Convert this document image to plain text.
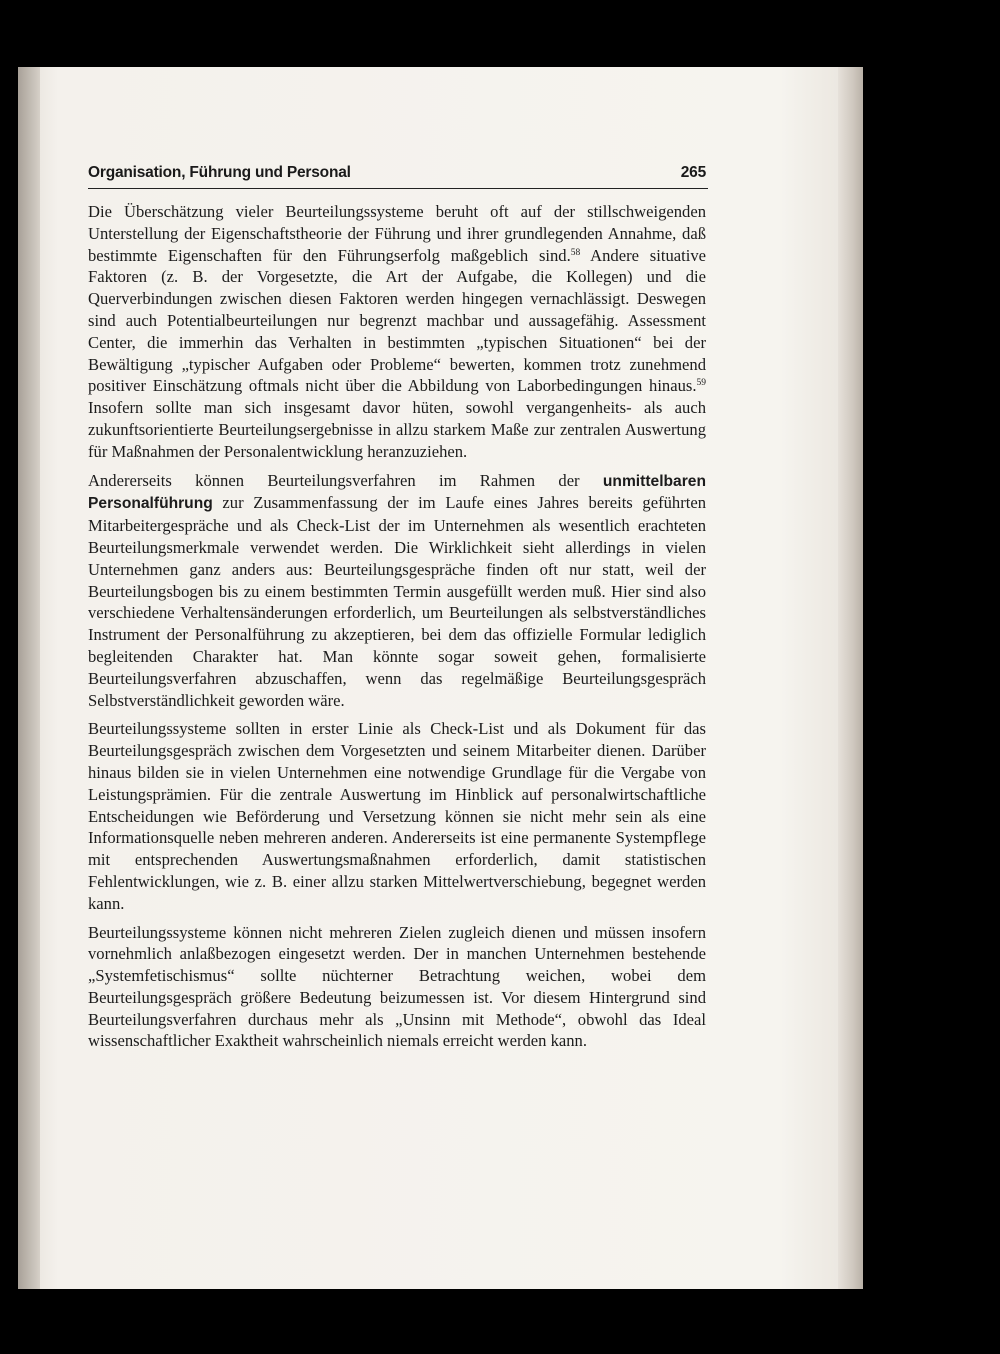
Organisation, Führung und Personal	265

Die Überschätzung vieler Beurteilungssysteme beruht oft auf der stillschweigenden Unterstellung der Eigenschaftstheorie der Führung und ihrer grundlegenden Annahme, daß bestimmte Eigenschaften für den Führungserfolg maßgeblich sind.$^{58}$ Andere situative Faktoren (z. B. der Vorgesetzte, die Art der Aufgabe, die Kollegen) und die Querverbindungen zwischen diesen Faktoren werden hingegen vernachlässigt. Deswegen sind auch Potentialbeurteilungen nur begrenzt machbar und aussagefähig. Assessment Center, die immerhin das Verhalten in bestimmten „typischen Situationen“ bei der Bewältigung „typischer Aufgaben oder Probleme“ bewerten, kommen trotz zunehmend positiver Einschätzung oftmals nicht über die Abbildung von Laborbedingungen hinaus.$^{59}$ Insofern sollte man sich insgesamt davor hüten, sowohl vergangenheits- als auch zukunftsorientierte Beurteilungsergebnisse in allzu starkem Maße zur zentralen Auswertung für Maßnahmen der Personalentwicklung heranzuziehen.

Andererseits können Beurteilungsverfahren im Rahmen der unmittelbaren Personalführung zur Zusammenfassung der im Laufe eines Jahres bereits geführten Mitarbeitergespräche und als Check-List der im Unternehmen als wesentlich erachteten Beurteilungsmerkmale verwendet werden. Die Wirklichkeit sieht allerdings in vielen Unternehmen ganz anders aus: Beurteilungsgespräche finden oft nur statt, weil der Beurteilungsbogen bis zu einem bestimmten Termin ausgefüllt werden muß. Hier sind also verschiedene Verhaltensänderungen erforderlich, um Beurteilungen als selbstverständliches Instrument der Personalführung zu akzeptieren, bei dem das offizielle Formular lediglich begleitenden Charakter hat. Man könnte sogar soweit gehen, formalisierte Beurteilungsverfahren abzuschaffen, wenn das regelmäßige Beurteilungsgespräch Selbstverständlichkeit geworden wäre.

Beurteilungssysteme sollten in erster Linie als Check-List und als Dokument für das Beurteilungsgespräch zwischen dem Vorgesetzten und seinem Mitarbeiter dienen. Darüber hinaus bilden sie in vielen Unternehmen eine notwendige Grundlage für die Vergabe von Leistungsprämien. Für die zentrale Auswertung im Hinblick auf personalwirtschaftliche Entscheidungen wie Beförderung und Versetzung können sie nicht mehr sein als eine Informationsquelle neben mehreren anderen. Andererseits ist eine permanente Systempflege mit entsprechenden Auswertungsmaßnahmen erforderlich, damit statistischen Fehlentwicklungen, wie z. B. einer allzu starken Mittelwertverschiebung, begegnet werden kann.

Beurteilungssysteme können nicht mehreren Zielen zugleich dienen und müssen insofern vornehmlich anlaßbezogen eingesetzt werden. Der in manchen Unternehmen bestehende „Systemfetischismus“ sollte nüchterner Betrachtung weichen, wobei dem Beurteilungsgespräch größere Bedeutung beizumessen ist. Vor diesem Hintergrund sind Beurteilungsverfahren durchaus mehr als „Unsinn mit Methode“, obwohl das Ideal wissenschaftlicher Exaktheit wahrscheinlich niemals erreicht werden kann.
